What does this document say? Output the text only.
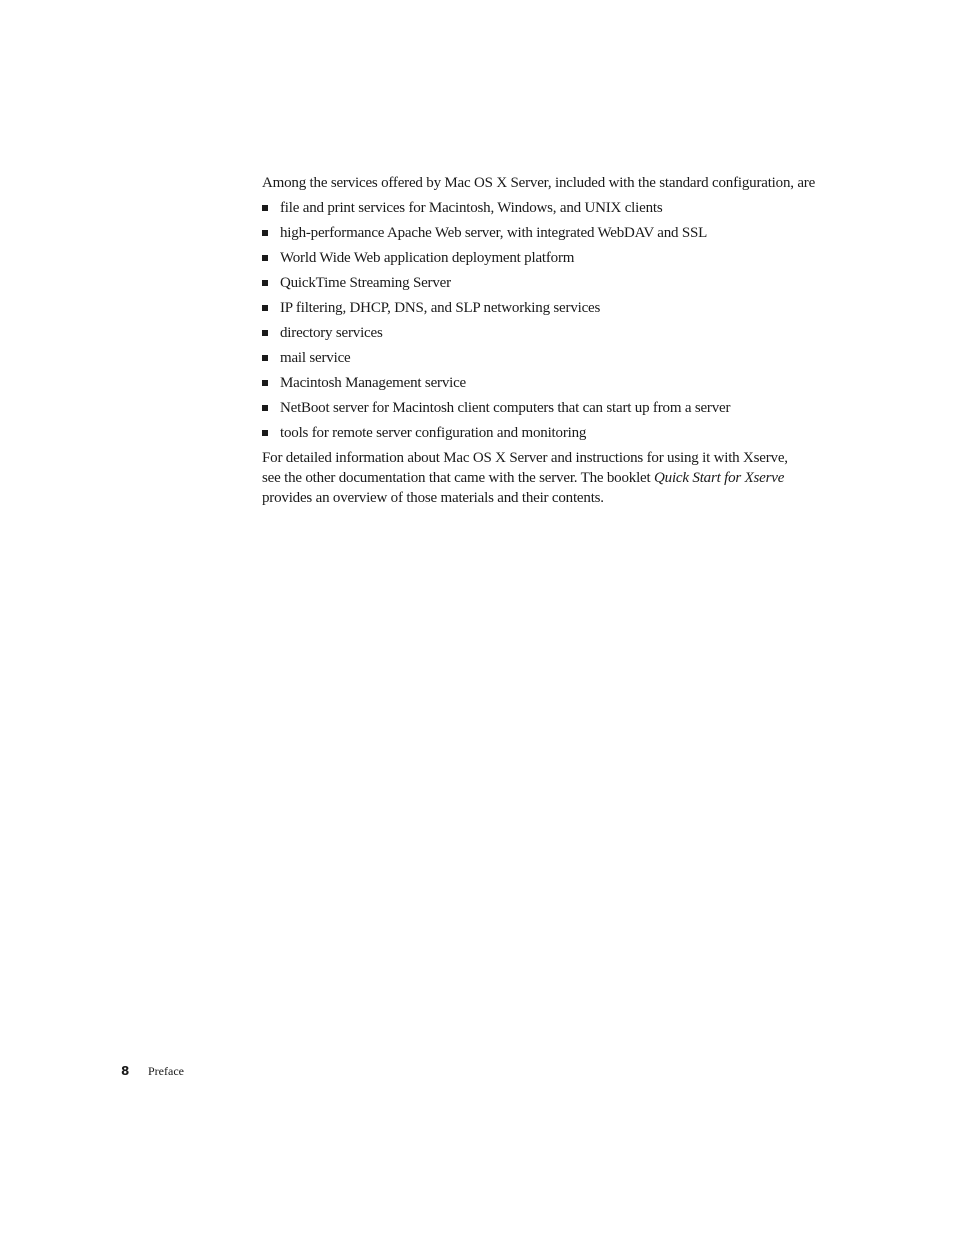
Among the services offered by Mac OS X Server, included with the standard configuration, are

file and print services for Macintosh, Windows, and UNIX clients
high-performance Apache Web server, with integrated WebDAV and SSL
World Wide Web application deployment platform
QuickTime Streaming Server
IP filtering, DHCP, DNS, and SLP networking services
directory services
mail service
Macintosh Management service
NetBoot server for Macintosh client computers that can start up from a server
tools for remote server configuration and monitoring

For detailed information about Mac OS X Server and instructions for using it with Xserve, see the other documentation that came with the server. The booklet Quick Start for Xserve provides an overview of those materials and their contents.

8 Preface
